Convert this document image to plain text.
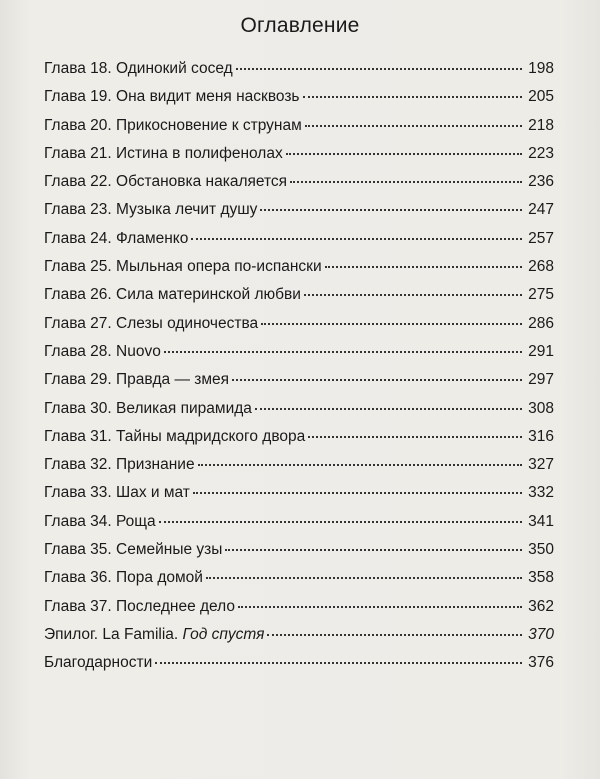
Оглавление
Глава 18. Одинокий сосед	198
Глава 19. Она видит меня насквозь	205
Глава 20. Прикосновение к струнам	218
Глава 21. Истина в полифенолах	223
Глава 22. Обстановка накаляется	236
Глава 23. Музыка лечит душу	247
Глава 24. Фламенко	257
Глава 25. Мыльная опера по-испански	268
Глава 26. Сила материнской любви	275
Глава 27. Слезы одиночества	286
Глава 28. Nuovo	291
Глава 29. Правда — змея	297
Глава 30. Великая пирамида	308
Глава 31. Тайны мадридского двора	316
Глава 32. Признание	327
Глава 33. Шах и мат	332
Глава 34. Роща	341
Глава 35. Семейные узы	350
Глава 36. Пора домой	358
Глава 37. Последнее дело	362
Эпилог. La Familia. Год спустя	370
Благодарности	376
